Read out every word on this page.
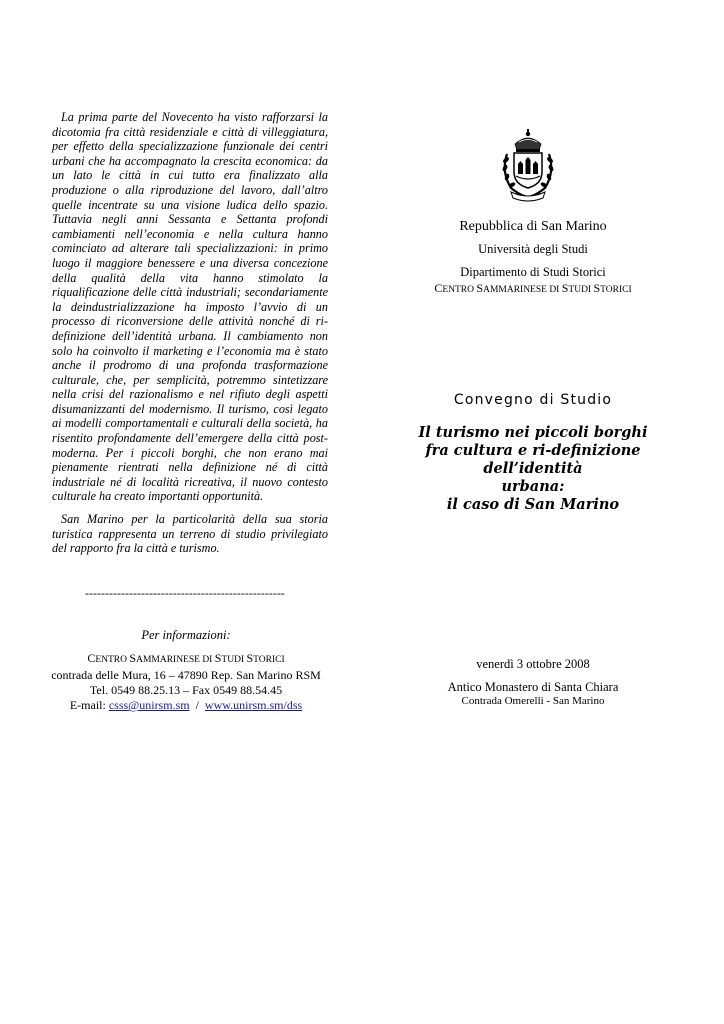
La prima parte del Novecento ha visto rafforzarsi la dicotomia fra città residenziale e città di villeggiatura, per effetto della specializzazione funzionale dei centri urbani che ha accompagnato la crescita economica: da un lato le città in cui tutto era finalizzato alla produzione o alla riproduzione del lavoro, dall’altro quelle incentrate su una visione ludica dello spazio. Tuttavia negli anni Sessanta e Settanta profondi cambiamenti nell’economia e nella cultura hanno cominciato ad alterare tali specializzazioni: in primo luogo il maggiore benessere e una diversa concezione della qualità della vita hanno stimolato la riqualificazione delle città industriali; secondariamente la deindustrializzazione ha imposto l’avvio di un processo di riconversione delle attività nonché di ri-definizione dell’identità urbana. Il cambiamento non solo ha coinvolto il marketing e l’economia ma è stato anche il prodromo di una profonda trasformazione culturale, che, per semplicità, potremmo sintetizzare nella crisi del razionalismo e nel rifiuto degli aspetti disumanizzanti del modernismo. Il turismo, così legato ai modelli comportamentali e culturali della società, ha risentito profondamente dell’emergere della città post-moderna. Per i piccoli borghi, che non erano mai pienamente rientrati nella definizione né di città industriale né di località ricreativa, il nuovo contesto culturale ha creato importanti opportunità.

San Marino per la particolarità della sua storia turistica rappresenta un terreno di studio privilegiato del rapporto fra la città e turismo.

--------------------------------------------------
Per informazioni:
CENTRO SAMMARINESE DI STUDI STORICI
contrada delle Mura, 16 – 47890 Rep. San Marino RSM
Tel. 0549 88.25.13 – Fax 0549 88.54.45
E-mail: csss@unirsm.sm  /  www.unirsm.sm/dss
Repubblica di San Marino
Università degli Studi
Dipartimento di Studi Storici
CENTRO SAMMARINESE DI STUDI STORICI
Convegno di Studio
Il turismo nei piccoli borghi
fra cultura e ri-definizione dell’identità
urbana:
il caso di San Marino
venerdì 3 ottobre 2008
Antico Monastero di Santa Chiara
Contrada Omerelli - San Marino
